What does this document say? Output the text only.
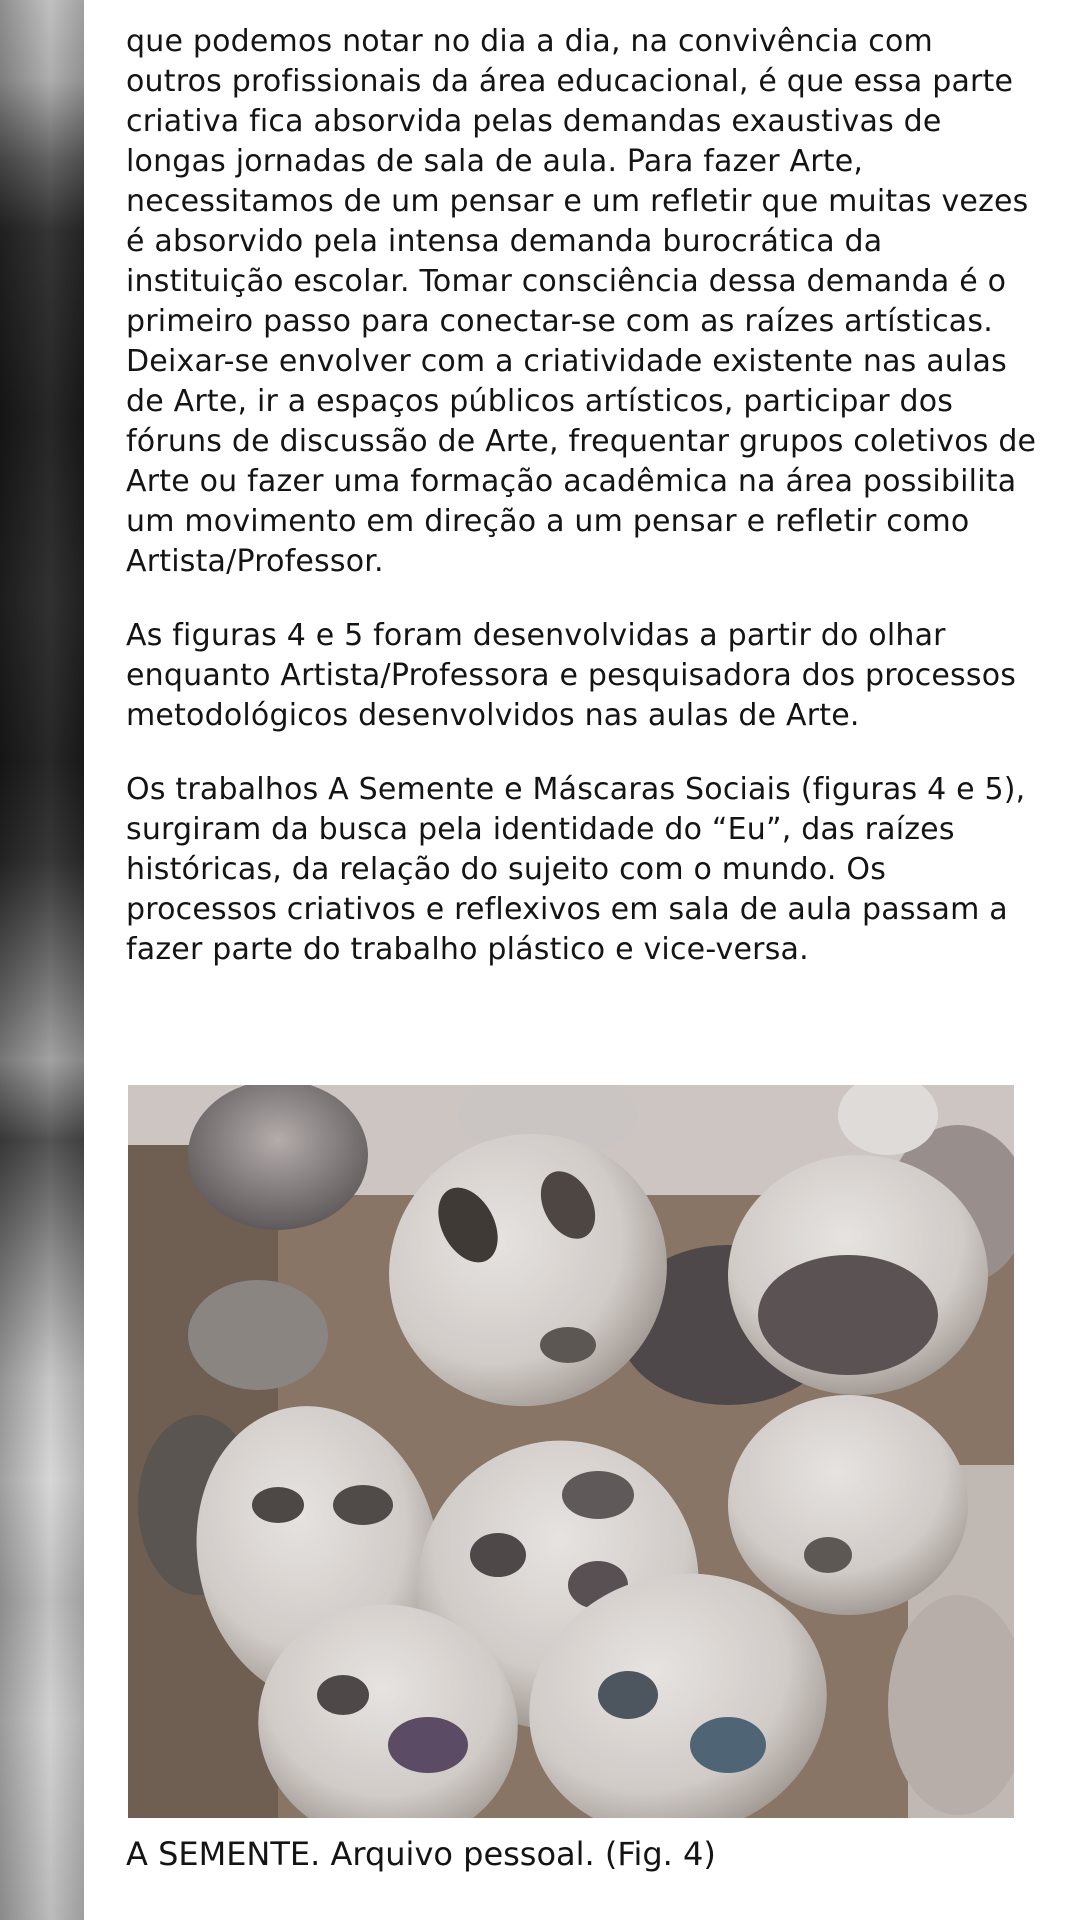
que podemos notar no dia a dia, na convivência com outros profissionais da área educacional, é que essa parte criativa fica absorvida pelas demandas exaustivas de longas jornadas de sala de aula. Para fazer Arte, necessitamos de um pensar e um refletir que muitas vezes é absorvido pela intensa demanda burocrática da instituição escolar. Tomar consciência dessa demanda é o primeiro passo para conectar-se com as raízes artísticas. Deixar-se envolver com a criatividade existente nas aulas de Arte, ir a espaços públicos artísticos, participar dos fóruns de discussão de Arte, frequentar grupos coletivos de Arte ou fazer uma formação acadêmica na área possibilita um movimento em direção a um pensar e refletir como Artista/Professor.

As figuras 4 e 5 foram desenvolvidas a partir do olhar enquanto Artista/Professora e pesquisadora dos processos metodológicos desenvolvidos nas aulas de Arte.

Os trabalhos A Semente e Máscaras Sociais (figuras 4 e 5), surgiram da busca pela identidade do “Eu”, das raízes históricas, da relação do sujeito com o mundo. Os processos criativos e reflexivos em sala de aula passam a fazer parte do trabalho plástico e vice-versa.

A SEMENTE. Arquivo pessoal. (Fig. 4)
